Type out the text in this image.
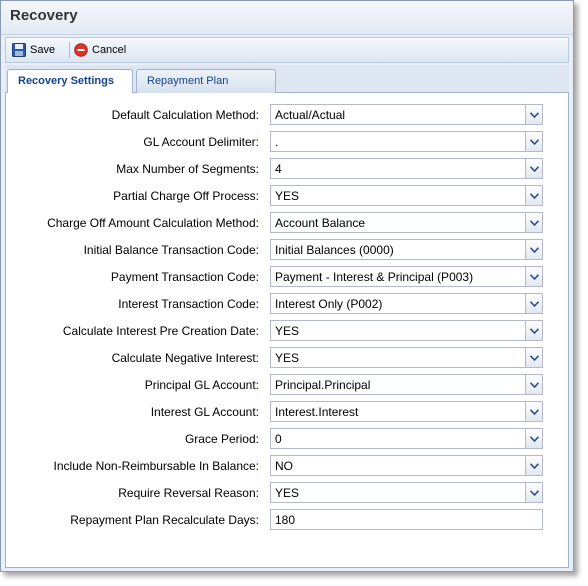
Recovery
Save	Cancel
Recovery Settings	Repayment Plan
Default Calculation Method: Actual/Actual
GL Account Delimiter: .
Max Number of Segments: 4
Partial Charge Off Process: YES
Charge Off Amount Calculation Method: Account Balance
Initial Balance Transaction Code: Initial Balances (0000)
Payment Transaction Code: Payment - Interest & Principal (P003)
Interest Transaction Code: Interest Only (P002)
Calculate Interest Pre Creation Date: YES
Calculate Negative Interest: YES
Principal GL Account: Principal.Principal
Interest GL Account: Interest.Interest
Grace Period: 0
Include Non-Reimbursable In Balance: NO
Require Reversal Reason: YES
Repayment Plan Recalculate Days: 180
